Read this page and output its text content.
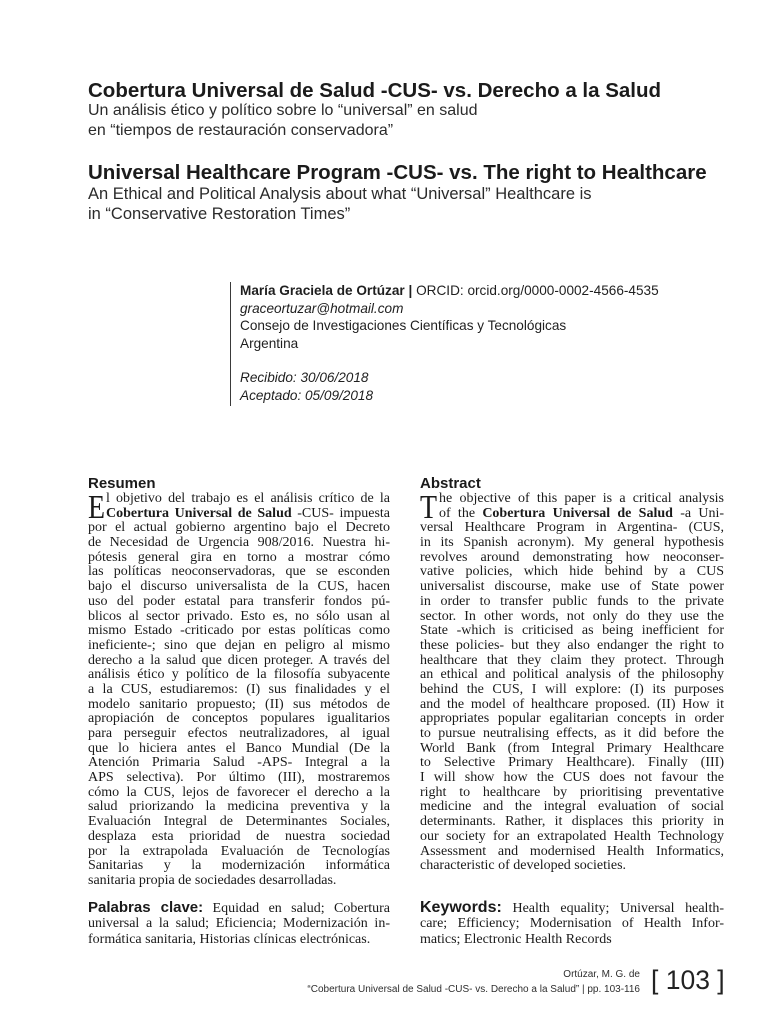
Cobertura Universal de Salud -CUS- vs. Derecho a la Salud
Un análisis ético y político sobre lo “universal” en salud
en “tiempos de restauración conservadora”
Universal Healthcare Program -CUS- vs. The right to Healthcare
An Ethical and Political Analysis about what “Universal” Healthcare is
in “Conservative Restoration Times”
María Graciela de Ortúzar | ORCID: orcid.org/0000-0002-4566-4535
graceortuzar@hotmail.com
Consejo de Investigaciones Científicas y Tecnológicas
Argentina
Recibido: 30/06/2018
Aceptado: 05/09/2018
Resumen	Abstract
E l objetivo del trabajo es el análisis crítico de la
Cobertura Universal de Salud -CUS- impuesta
por el actual gobierno argentino bajo el Decreto
de Necesidad de Urgencia 908/2016. Nuestra hi-
pótesis general gira en torno a mostrar cómo
las políticas neoconservadoras, que se esconden
bajo el discurso universalista de la CUS, hacen
uso del poder estatal para transferir fondos pú-
blicos al sector privado. Esto es, no sólo usan al
mismo Estado -criticado por estas políticas como
ineficiente-; sino que dejan en peligro al mismo
derecho a la salud que dicen proteger. A través del
análisis ético y político de la filosofía subyacente
a la CUS, estudiaremos: (I) sus finalidades y el
modelo sanitario propuesto; (II) sus métodos de
apropiación de conceptos populares igualitarios
para perseguir efectos neutralizadores, al igual
que lo hiciera antes el Banco Mundial (De la
Atención Primaria Salud -APS- Integral a la
APS selectiva). Por último (III), mostraremos
cómo la CUS, lejos de favorecer el derecho a la
salud priorizando la medicina preventiva y la
Evaluación Integral de Determinantes Sociales,
desplaza esta prioridad de nuestra sociedad
por la extrapolada Evaluación de Tecnologías
Sanitarias y la modernización informática
sanitaria propia de sociedades desarrolladas.
T he objective of this paper is a critical analysis
of the Cobertura Universal de Salud -a Uni-
versal Healthcare Program in Argentina- (CUS,
in its Spanish acronym). My general hypothesis
revolves around demonstrating how neoconser-
vative policies, which hide behind by a CUS
universalist discourse, make use of State power
in order to transfer public funds to the private
sector. In other words, not only do they use the
State -which is criticised as being inefficient for
these policies- but they also endanger the right to
healthcare that they claim they protect. Through
an ethical and political analysis of the philosophy
behind the CUS, I will explore: (I) its purposes
and the model of healthcare proposed. (II) How it
appropriates popular egalitarian concepts in order
to pursue neutralising effects, as it did before the
World Bank (from Integral Primary Healthcare
to Selective Primary Healthcare). Finally (III)
I will show how the CUS does not favour the
right to healthcare by prioritising preventative
medicine and the integral evaluation of social
determinants. Rather, it displaces this priority in
our society for an extrapolated Health Technology
Assessment and modernised Health Informatics,
characteristic of developed societies.
Palabras clave: Equidad en salud; Cobertura
universal a la salud; Eficiencia; Modernización in-
formática sanitaria, Historias clínicas electrónicas.
Keywords: Health equality; Universal health-
care; Efficiency; Modernisation of Health Infor-
matics; Electronic Health Records
Ortúzar, M. G. de
“Cobertura Universal de Salud -CUS- vs. Derecho a la Salud” | pp. 103-116 [ 103 ]
